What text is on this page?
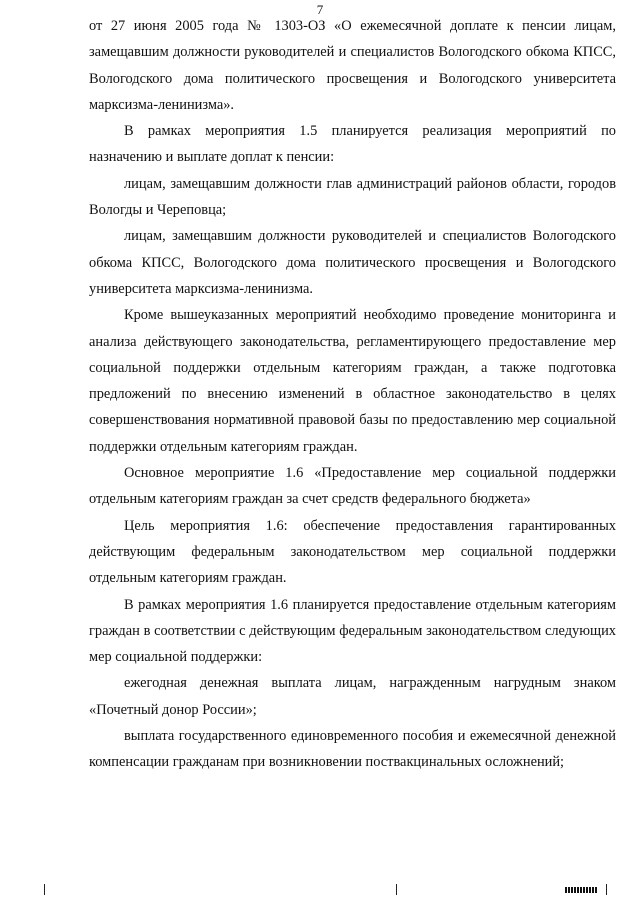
7

от 27 июня 2005 года № 1303-ОЗ «О ежемесячной доплате к пенсии лицам, замещавшим должности руководителей и специалистов Вологодского обкома КПСС, Вологодского дома политического просвещения и Вологодского университета марксизма-ленинизма».

В рамках мероприятия 1.5 планируется реализация мероприятий по назначению и выплате доплат к пенсии:

лицам, замещавшим должности глав администраций районов области, городов Вологды и Череповца;

лицам, замещавшим должности руководителей и специалистов Вологодского обкома КПСС, Вологодского дома политического просвещения и Вологодского университета марксизма-ленинизма.

Кроме вышеуказанных мероприятий необходимо проведение мониторинга и анализа действующего законодательства, регламентирующего предоставление мер социальной поддержки отдельным категориям граждан, а также подготовка предложений по внесению изменений в областное законодательство в целях совершенствования нормативной правовой базы по предоставлению мер социальной поддержки отдельным категориям граждан.

Основное мероприятие 1.6 «Предоставление мер социальной поддержки отдельным категориям граждан за счет средств федерального бюджета»

Цель мероприятия 1.6: обеспечение предоставления гарантированных действующим федеральным законодательством мер социальной поддержки отдельным категориям граждан.

В рамках мероприятия 1.6 планируется предоставление отдельным категориям граждан в соответствии с действующим федеральным законодательством следующих мер социальной поддержки:

ежегодная денежная выплата лицам, награжденным нагрудным знаком «Почетный донор России»;

выплата государственного единовременного пособия и ежемесячной денежной компенсации гражданам при возникновении поствакцинальных осложнений;
